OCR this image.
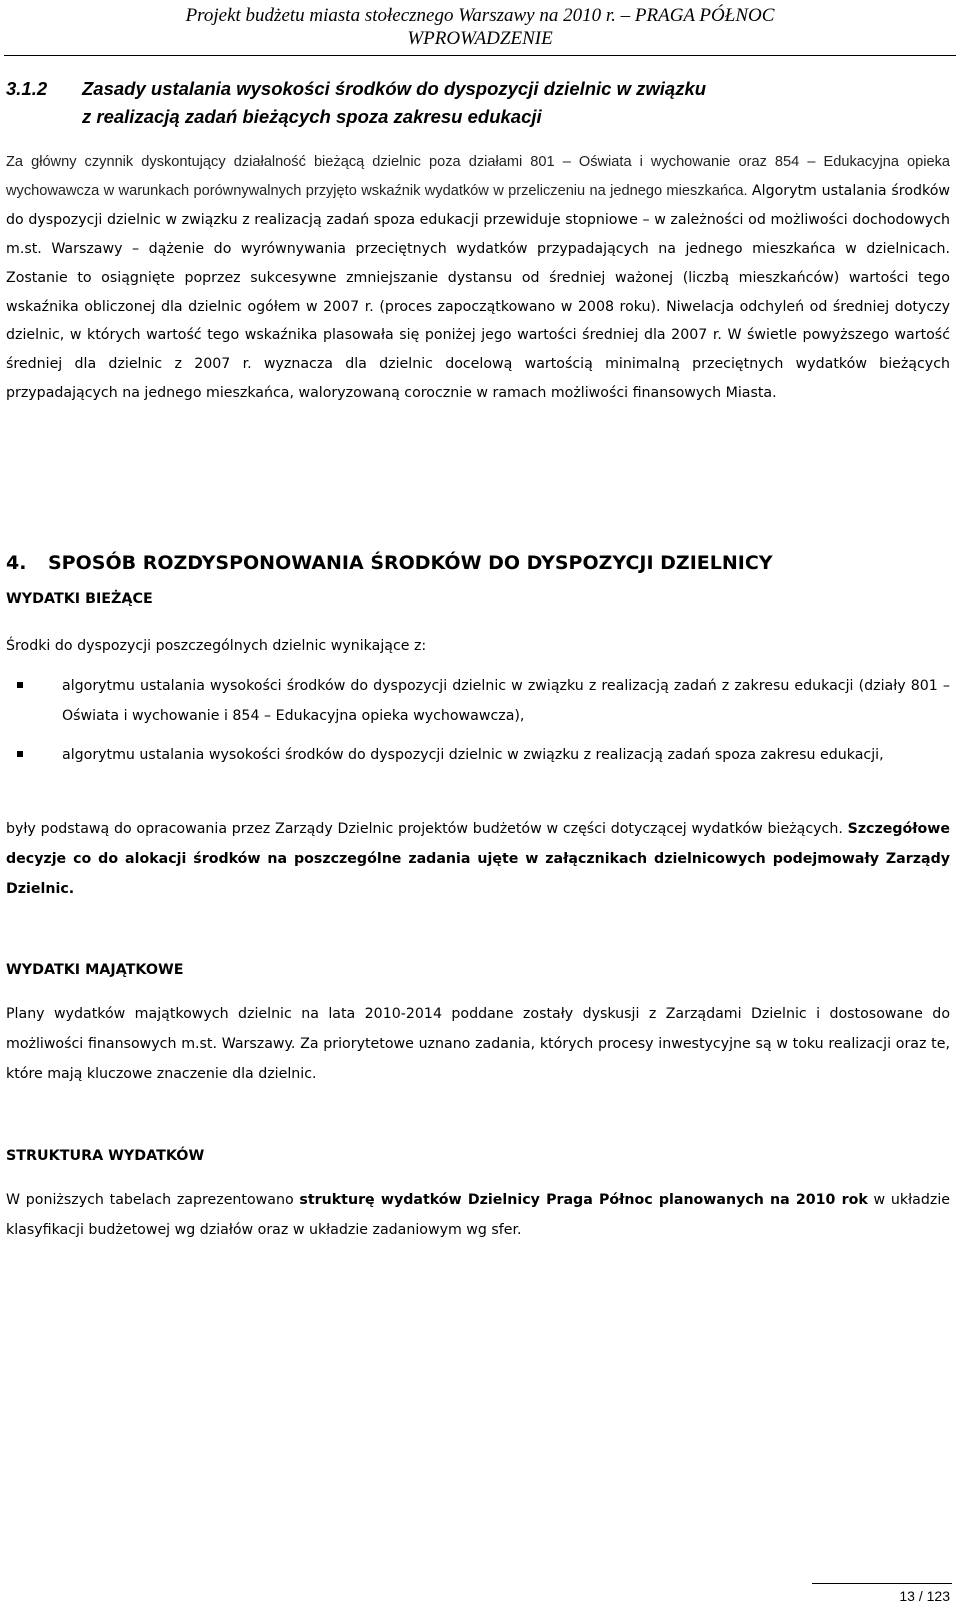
Projekt budżetu miasta stołecznego Warszawy na 2010 r. – PRAGA PÓŁNOC
WPROWADZENIE
3.1.2 Zasady ustalania wysokości środków do dyspozycji dzielnic w związku
z realizacją zadań bieżących spoza zakresu edukacji
Za główny czynnik dyskontujący działalność bieżącą dzielnic poza działami 801 – Oświata i wychowanie oraz 854 – Edukacyjna opieka wychowawcza w warunkach porównywalnych przyjęto wskaźnik wydatków w przeliczeniu na jednego mieszkańca. Algorytm ustalania środków do dyspozycji dzielnic w związku z realizacją zadań spoza edukacji przewiduje stopniowe – w zależności od możliwości dochodowych m.st. Warszawy – dążenie do wyrównywania przeciętnych wydatków przypadających na jednego mieszkańca w dzielnicach. Zostanie to osiągnięte poprzez sukcesywne zmniejszanie dystansu od średniej ważonej (liczbą mieszkańców) wartości tego wskaźnika obliczonej dla dzielnic ogółem w 2007 r. (proces zapoczątkowano w 2008 roku). Niwelacja odchyleń od średniej dotyczy dzielnic, w których wartość tego wskaźnika plasowała się poniżej jego wartości średniej dla 2007 r. W świetle powyższego wartość średniej dla dzielnic z 2007 r. wyznacza dla dzielnic docelową wartością minimalną przeciętnych wydatków bieżących przypadających na jednego mieszkańca, waloryzowaną corocznie w ramach możliwości finansowych Miasta.
4. SPOSÓB ROZDYSPONOWANIA ŚRODKÓW DO DYSPOZYCJI DZIELNICY
WYDATKI BIEŻĄCE
Środki do dyspozycji poszczególnych dzielnic wynikające z:
algorytmu ustalania wysokości środków do dyspozycji dzielnic w związku z realizacją zadań z zakresu edukacji (działy 801 – Oświata i wychowanie i 854 – Edukacyjna opieka wychowawcza),
algorytmu ustalania wysokości środków do dyspozycji dzielnic w związku z realizacją zadań spoza zakresu edukacji,
były podstawą do opracowania przez Zarządy Dzielnic projektów budżetów w części dotyczącej wydatków bieżących. Szczegółowe decyzje co do alokacji środków na poszczególne zadania ujęte w załącznikach dzielnicowych podejmowały Zarządy Dzielnic.
WYDATKI MAJĄTKOWE
Plany wydatków majątkowych dzielnic na lata 2010-2014 poddane zostały dyskusji z Zarządami Dzielnic i dostosowane do możliwości finansowych m.st. Warszawy. Za priorytetowe uznano zadania, których procesy inwestycyjne są w toku realizacji oraz te, które mają kluczowe znaczenie dla dzielnic.
STRUKTURA WYDATKÓW
W poniższych tabelach zaprezentowano strukturę wydatków Dzielnicy Praga Północ planowanych na 2010 rok w układzie klasyfikacji budżetowej wg działów oraz w układzie zadaniowym wg sfer.
13 / 123
